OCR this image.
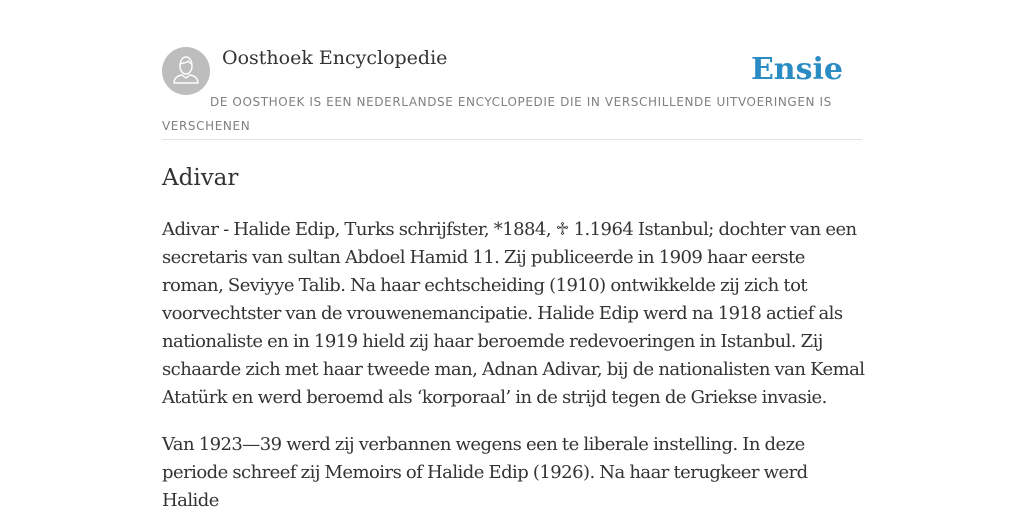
Oosthoek Encyclopedie	Ensie
DE OOSTHOEK IS EEN NEDERLANDSE ENCYCLOPEDIE DIE IN VERSCHILLENDE UITVOERINGEN IS VERSCHENEN
Adivar

Adivar - Halide Edip, Turks schrijfster, *1884, ♱ 1.1964 Istanbul; dochter van een secretaris van sultan Abdoel Hamid 11. Zij publiceerde in 1909 haar eerste roman, Seviyye Talib. Na haar echtscheiding (1910) ontwikkelde zij zich tot voorvechtster van de vrouwenemancipatie. Halide Edip werd na 1918 actief als nationaliste en in 1919 hield zij haar beroemde redevoeringen in Istanbul. Zij schaarde zich met haar tweede man, Adnan Adivar, bij de nationalisten van Kemal Atatürk en werd beroemd als ‘korporaal’ in de strijd tegen de Griekse invasie.

Van 1923—39 werd zij verbannen wegens een te liberale instelling. In deze periode schreef zij Memoirs of Halide Edip (1926). Na haar terugkeer werd Halide
